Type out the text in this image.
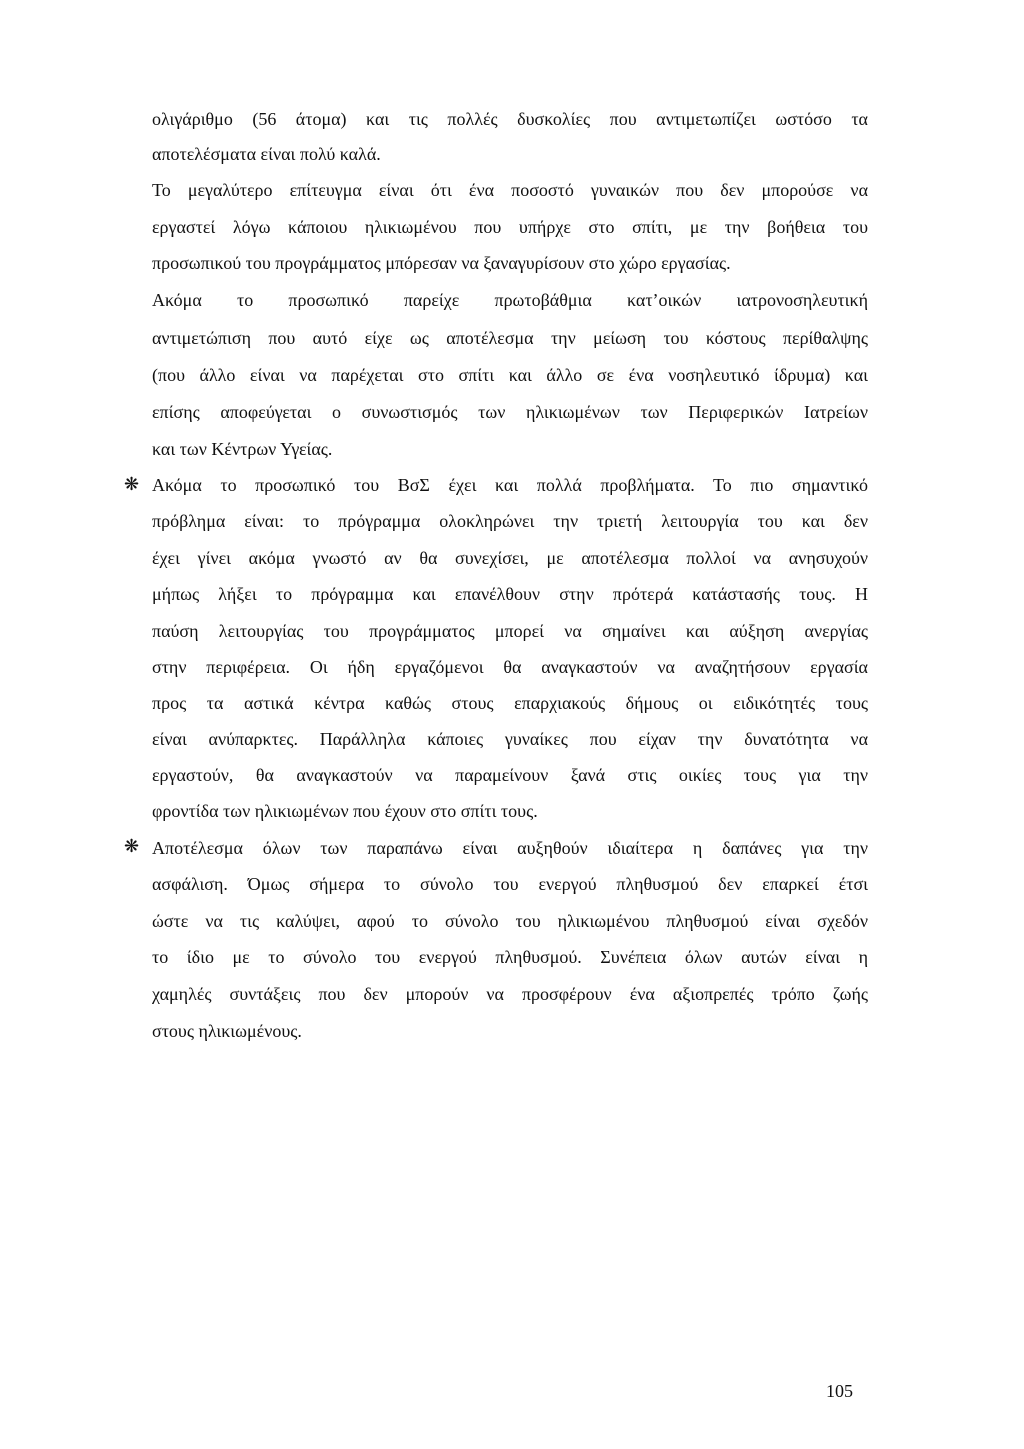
ολιγάριθμο (56 άτομα) και τις πολλές δυσκολίες που αντιμετωπίζει ωστόσο τα
αποτελέσματα είναι πολύ καλά.
Το μεγαλύτερο επίτευγμα είναι ότι ένα ποσοστό γυναικών που δεν μπορούσε να
εργαστεί λόγω κάποιου ηλικιωμένου που υπήρχε στο σπίτι, με την βοήθεια του
προσωπικού του προγράμματος μπόρεσαν να ξαναγυρίσουν στο χώρο εργασίας.
Ακόμα το προσωπικό παρείχε πρωτοβάθμια κατ’οικών ιατρονοσηλευτική
αντιμετώπιση που αυτό είχε ως αποτέλεσμα την μείωση του κόστους περίθαλψης
(που άλλο είναι να παρέχεται στο σπίτι και άλλο σε ένα νοσηλευτικό ίδρυμα) και
επίσης αποφεύγεται ο συνωστισμός των ηλικιωμένων των Περιφερικών Ιατρείων
και των Κέντρων Υγείας.
❋ Ακόμα το προσωπικό του ΒσΣ έχει και πολλά προβλήματα. Το πιο σημαντικό
πρόβλημα είναι: το πρόγραμμα ολοκληρώνει την τριετή λειτουργία του και δεν
έχει γίνει ακόμα γνωστό αν θα συνεχίσει, με αποτέλεσμα πολλοί να ανησυχούν
μήπως λήξει το πρόγραμμα και επανέλθουν στην πρότερά κατάστασής τους. Η
παύση λειτουργίας του προγράμματος μπορεί να σημαίνει και αύξηση ανεργίας
στην περιφέρεια. Οι ήδη εργαζόμενοι θα αναγκαστούν να αναζητήσουν εργασία
προς τα αστικά κέντρα καθώς στους επαρχιακούς δήμους οι ειδικότητές τους
είναι ανύπαρκτες. Παράλληλα κάποιες γυναίκες που είχαν την δυνατότητα να
εργαστούν, θα αναγκαστούν να παραμείνουν ξανά στις οικίες τους για την
φροντίδα των ηλικιωμένων που έχουν στο σπίτι τους.
❋ Αποτέλεσμα όλων των παραπάνω είναι αυξηθούν ιδιαίτερα η δαπάνες για την
ασφάλιση. Όμως σήμερα το σύνολο του ενεργού πληθυσμού δεν επαρκεί έτσι
ώστε να τις καλύψει, αφού το σύνολο του ηλικιωμένου πληθυσμού είναι σχεδόν
το ίδιο με το σύνολο του ενεργού πληθυσμού. Συνέπεια όλων αυτών είναι η
χαμηλές συντάξεις που δεν μπορούν να προσφέρουν ένα αξιοπρεπές τρόπο ζωής
στους ηλικιωμένους.
105
